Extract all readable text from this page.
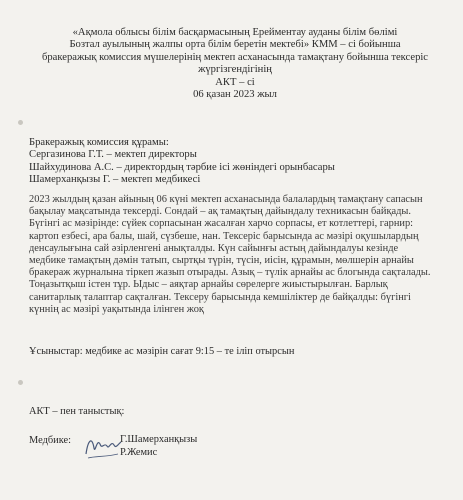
«Ақмола облысы білім басқармасының Ерейментау ауданы білім бөлімі
Бозтал ауылының жалпы орта білім беретін мектебі» КММ – сі бойынша
бракеражық комиссия мүшелерінің мектеп асханасында тамақтану бойынша тексеріс
жүргізгендігінің
АКТ – сі
06 қазан 2023 жыл
Бракеражық комиссия құрамы:
Сергазинова Г.Т. – мектеп директоры
Шайхудинова А.С. – директордың тәрбие ісі жөніндегі орынбасары
Шамерханқызы Г. – мектеп медбикесі
2023 жылдың қазан айының 06 күні мектеп асханасында балалардың тамақтану сапасын
бақылау мақсатында тексерді. Сондай – ақ тамақтың дайындалу техникасын байқады.
Бүгінгі ас мәзірінде: сүйек сорпасынан жасалған харчо сорпасы, ет котлеттері, гарнир:
картоп езбесі, арa балы, шай, сүзбеше, нан. Тексеріс барысында ас мәзірі оқушылардың
денсаулығына сай әзірленгені анықталды. Күн сайынғы астың дайындалуы кезінде
медбике тамақтың дәмін татып, сыртқы түрін, түсін, иісін, құрамын, мөлшерін арнайы
бракераж журналына тіркеп жазып отырады. Азық – түлік арнайы ас блогында сақталады.
Тоңазытқыш істен тұр. Ыдыс – аяқтар арнайы сөрелерге жиыстырылған. Барлық
санитарлық талаптар сақталған. Тексеру барысында кемшіліктер де байқалды: бүгінгі
күннің ас мәзірі уақытында ілінген жоқ
Ұсыныстар: медбике ас мәзірін сағат 9:15 – те іліп отырсын
АКТ – пен таныстық:
Медбике:	Г.Шамерханқызы
Р.Жемис
